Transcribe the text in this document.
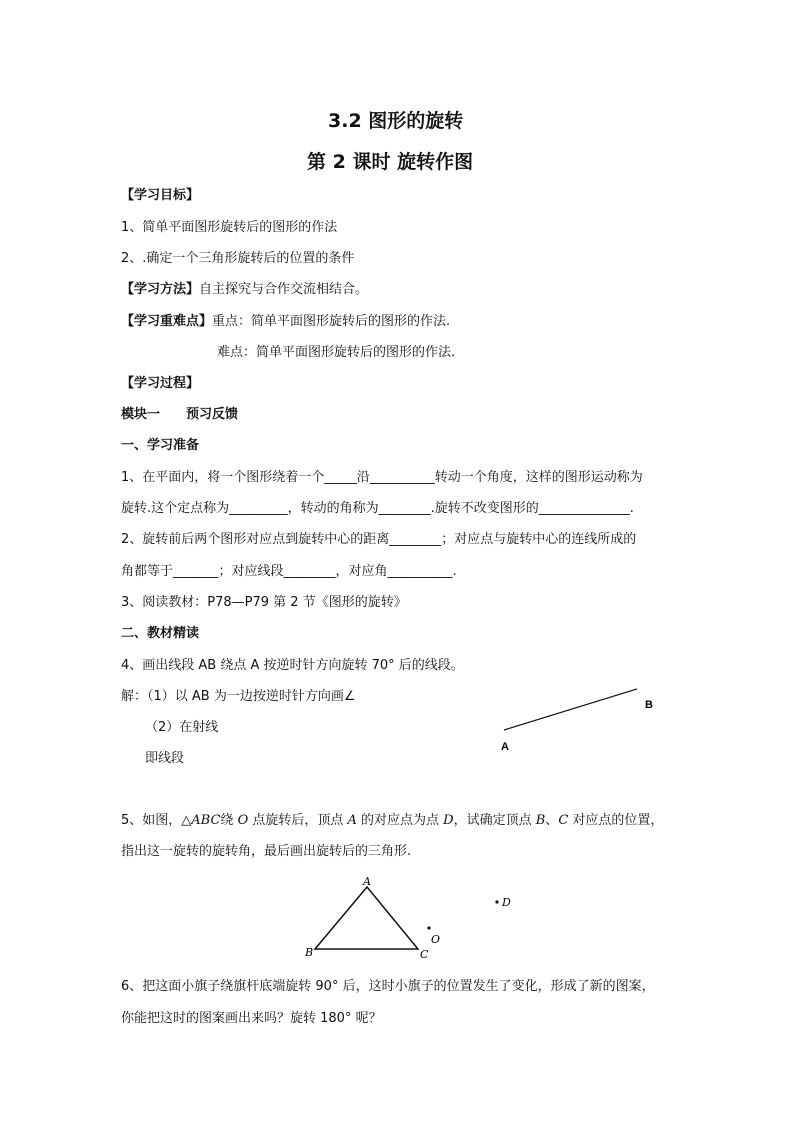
3.2 图形的旋转
第 2 课时 旋转作图
【学习目标】
1、简单平面图形旋转后的图形的作法
2、.确定一个三角形旋转后的位置的条件
【学习方法】自主探究与合作交流相结合。
【学习重难点】重点：简单平面图形旋转后的图形的作法.
难点：简单平面图形旋转后的图形的作法.
【学习过程】
模块一　　预习反馈
一、学习准备
1、在平面内，将一个图形绕着一个_____沿__________转动一个角度，这样的图形运动称为
旋转.这个定点称为_________，转动的角称为________.旋转不改变图形的______________.
2、旋转前后两个图形对应点到旋转中心的距离________；对应点与旋转中心的连线所成的
角都等于_______；对应线段________，对应角__________.
3、阅读教材：P78—P79 第 2 节《图形的旋转》
二、教材精读
4、画出线段 AB 绕点 A 按逆时针方向旋转 70° 后的线段。
解：（1）以 AB 为一边按逆时针方向画∠
（2）在射线
即线段
A
B
5、如图，△ABC绕 O 点旋转后，顶点 A 的对应点为点 D，试确定顶点 B、C 对应点的位置，
指出这一旋转的旋转角，最后画出旋转后的三角形.
A
B	C
O
D
6、把这面小旗子绕旗杆底端旋转 90° 后，这时小旗子的位置发生了变化，形成了新的图案，
你能把这时的图案画出来吗？旋转 180° 呢？
